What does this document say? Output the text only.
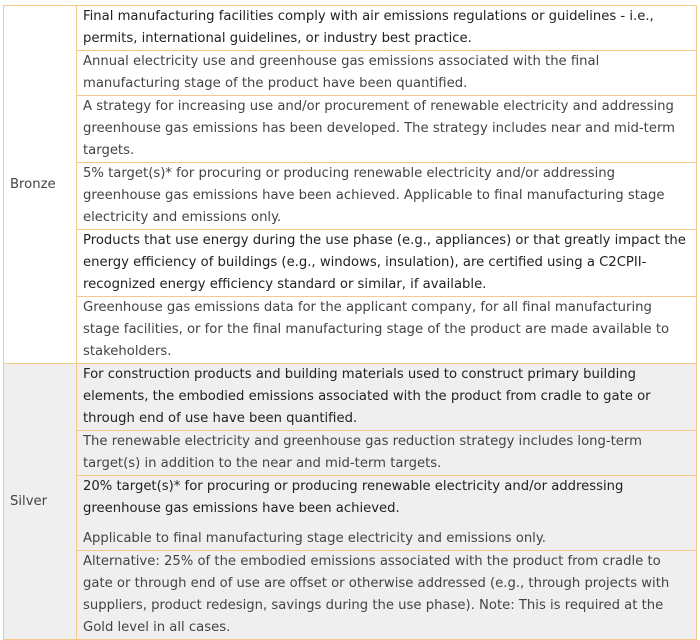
Bronze	Final manufacturing facilities comply with air emissions regulations or guidelines - i.e., permits, international guidelines, or industry best practice.
	Annual electricity use and greenhouse gas emissions associated with the final manufacturing stage of the product have been quantified.
	A strategy for increasing use and/or procurement of renewable electricity and addressing greenhouse gas emissions has been developed. The strategy includes near and mid-term targets.
	5% target(s)* for procuring or producing renewable electricity and/or addressing greenhouse gas emissions have been achieved. Applicable to final manufacturing stage electricity and emissions only.
	Products that use energy during the use phase (e.g., appliances) or that greatly impact the energy efficiency of buildings (e.g., windows, insulation), are certified using a C2CPII-recognized energy efficiency standard or similar, if available.
	Greenhouse gas emissions data for the applicant company, for all final manufacturing stage facilities, or for the final manufacturing stage of the product are made available to stakeholders.
Silver	For construction products and building materials used to construct primary building elements, the embodied emissions associated with the product from cradle to gate or through end of use have been quantified.
	The renewable electricity and greenhouse gas reduction strategy includes long-term target(s) in addition to the near and mid-term targets.

	20% target(s)* for procuring or producing renewable electricity and/or addressing greenhouse gas emissions have been achieved.
Applicable to final manufacturing stage electricity and emissions only.

	Alternative: 25% of the embodied emissions associated with the product from cradle to gate or through end of use are offset or otherwise addressed (e.g., through projects with suppliers, product redesign, savings during the use phase). Note: This is required at the Gold level in all cases.
